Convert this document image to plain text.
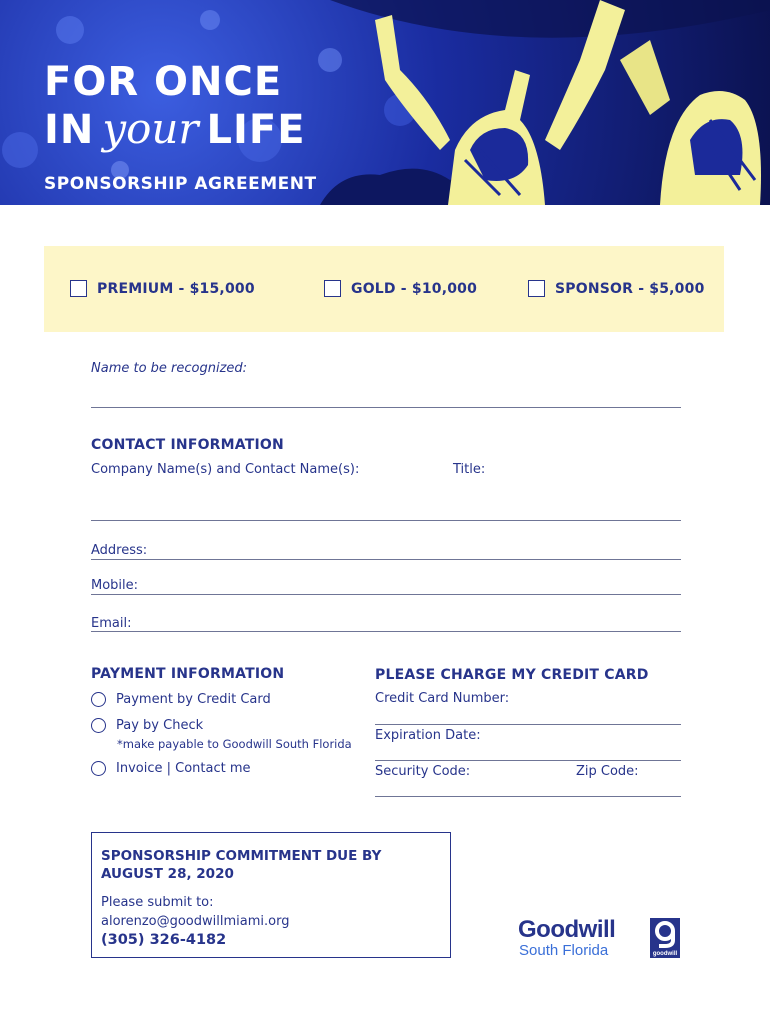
FOR ONCE
IN your LIFE
SPONSORSHIP AGREEMENT
PREMIUM - $15,000	GOLD - $10,000	SPONSOR - $5,000
Name to be recognized:
CONTACT INFORMATION
Company Name(s) and Contact Name(s):	Title:
Address:
Mobile:
Email:
PAYMENT INFORMATION
Payment by Credit Card
Pay by Check
*make payable to Goodwill South Florida
Invoice | Contact me
PLEASE CHARGE MY CREDIT CARD
Credit Card Number:
Expiration Date:
Security Code:	Zip Code:
SPONSORSHIP COMMITMENT DUE BY AUGUST 28, 2020
Please submit to:
alorenzo@goodwillmiami.org
(305) 326-4182	Goodwill
South Florida	goodwill
